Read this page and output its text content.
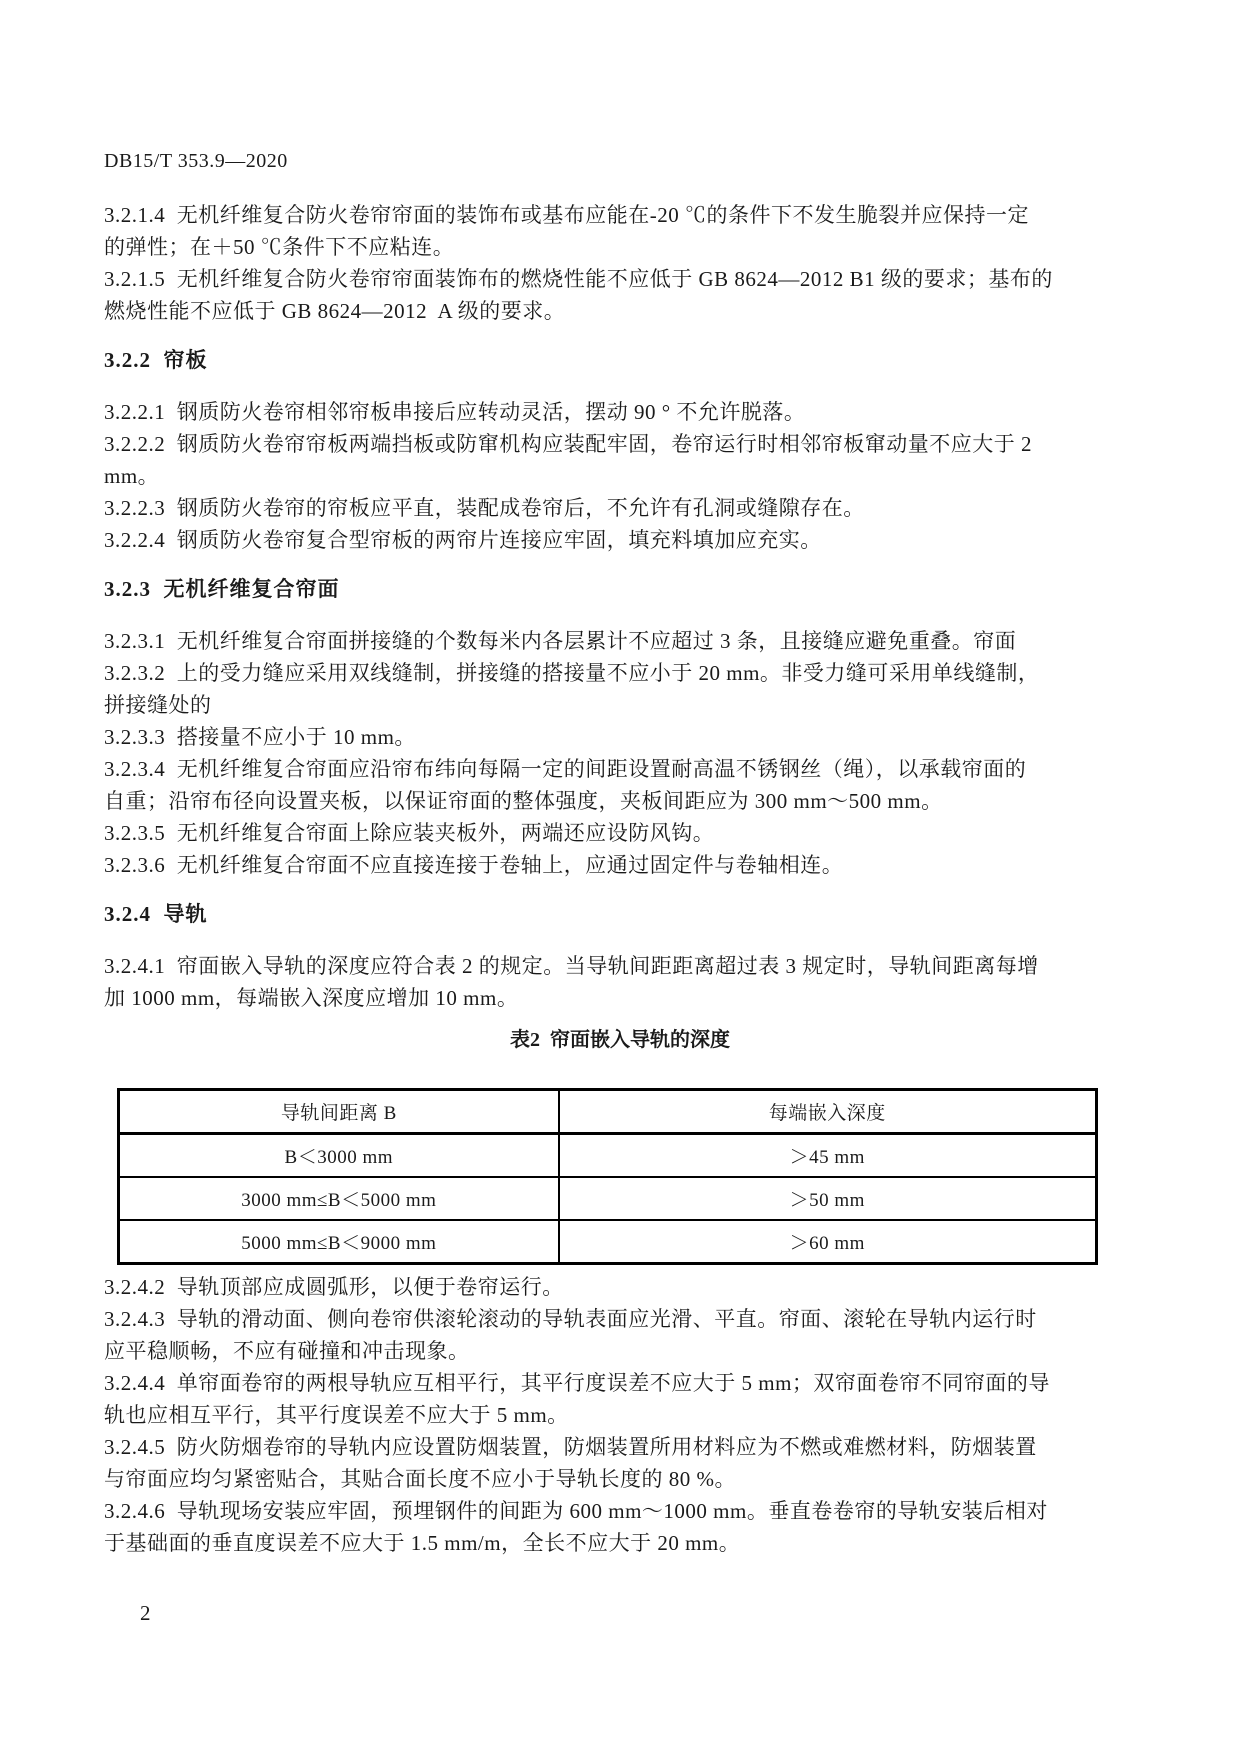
DB15/T 353.9—2020
3.2.1.4  无机纤维复合防火卷帘帘面的装饰布或基布应能在-20 ℃的条件下不发生脆裂并应保持一定
的弹性；在＋50 ℃条件下不应粘连。
3.2.1.5  无机纤维复合防火卷帘帘面装饰布的燃烧性能不应低于 GB 8624—2012 B1 级的要求；基布的
燃烧性能不应低于 GB 8624—2012  A 级的要求。
3.2.2  帘板
3.2.2.1  钢质防火卷帘相邻帘板串接后应转动灵活，摆动 90 ° 不允许脱落。
3.2.2.2  钢质防火卷帘帘板两端挡板或防窜机构应装配牢固，卷帘运行时相邻帘板窜动量不应大于 2
mm。
3.2.2.3  钢质防火卷帘的帘板应平直，装配成卷帘后，不允许有孔洞或缝隙存在。
3.2.2.4  钢质防火卷帘复合型帘板的两帘片连接应牢固，填充料填加应充实。
3.2.3  无机纤维复合帘面
3.2.3.1  无机纤维复合帘面拼接缝的个数每米内各层累计不应超过 3 条，且接缝应避免重叠。帘面
3.2.3.2  上的受力缝应采用双线缝制，拼接缝的搭接量不应小于 20 mm。非受力缝可采用单线缝制，
拼接缝处的
3.2.3.3  搭接量不应小于 10 mm。
3.2.3.4  无机纤维复合帘面应沿帘布纬向每隔一定的间距设置耐高温不锈钢丝（绳），以承载帘面的
自重；沿帘布径向设置夹板，以保证帘面的整体强度，夹板间距应为 300 mm～500 mm。
3.2.3.5  无机纤维复合帘面上除应装夹板外，两端还应设防风钩。
3.2.3.6  无机纤维复合帘面不应直接连接于卷轴上，应通过固定件与卷轴相连。
3.2.4  导轨
3.2.4.1  帘面嵌入导轨的深度应符合表 2 的规定。当导轨间距距离超过表 3 规定时，导轨间距离每增
加 1000 mm，每端嵌入深度应增加 10 mm。
表2  帘面嵌入导轨的深度
导轨间距离 B	每端嵌入深度
B＜3000 mm	＞45 mm
3000 mm≤B＜5000 mm	＞50 mm
5000 mm≤B＜9000 mm	＞60 mm
3.2.4.2  导轨顶部应成圆弧形，以便于卷帘运行。
3.2.4.3  导轨的滑动面、侧向卷帘供滚轮滚动的导轨表面应光滑、平直。帘面、滚轮在导轨内运行时
应平稳顺畅，不应有碰撞和冲击现象。
3.2.4.4  单帘面卷帘的两根导轨应互相平行，其平行度误差不应大于 5 mm；双帘面卷帘不同帘面的导
轨也应相互平行，其平行度误差不应大于 5 mm。
3.2.4.5  防火防烟卷帘的导轨内应设置防烟装置，防烟装置所用材料应为不燃或难燃材料，防烟装置
与帘面应均匀紧密贴合，其贴合面长度不应小于导轨长度的 80 %。
3.2.4.6  导轨现场安装应牢固，预埋钢件的间距为 600 mm～1000 mm。垂直卷卷帘的导轨安装后相对
于基础面的垂直度误差不应大于 1.5 mm/m，全长不应大于 20 mm。
2
